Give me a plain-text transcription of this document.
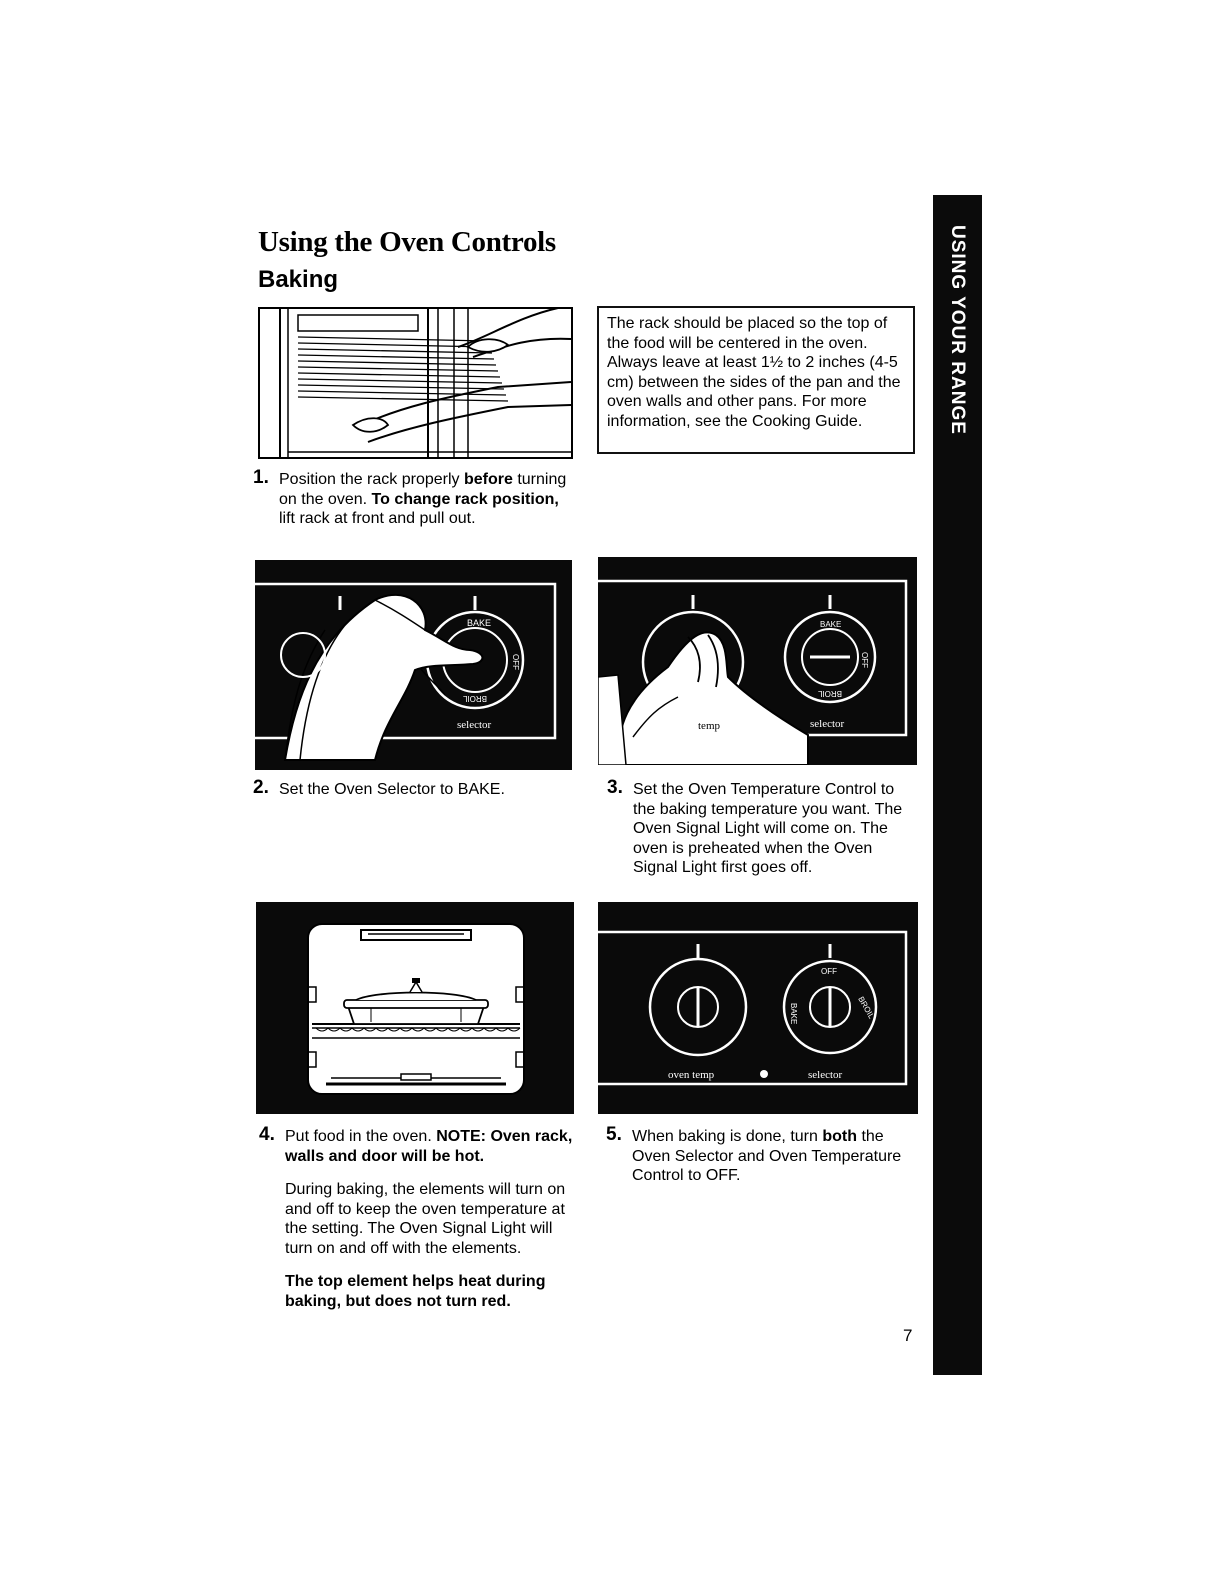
Using the Oven Controls
Baking	USING YOUR RANGE
The rack should be placed so the top of the food will be centered in the oven. Always leave at least 1½ to 2 inches (4-5 cm) between the sides of the pan and the oven walls and other pans. For more information, see the Cooking Guide.
1. Position the rack properly before turning on the oven. To change rack position, lift rack at front and pull out.
BAKE
OFF
BROIL
selector
2. Set the Oven Selector to BAKE.
BAKE
OFF
BROIL
temp	selector
3. Set the Oven Temperature Control to the baking temperature you want. The Oven Signal Light will come on. The oven is preheated when the Oven Signal Light first goes off.
4. Put food in the oven. NOTE: Oven rack, walls and door will be hot.

During baking, the elements will turn on and off to keep the oven temperature at the setting. The Oven Signal Light will turn on and off with the elements.

The top element helps heat during baking, but does not turn red.

OFF
BAKE	BROIL
oven temp	selector
5. When baking is done, turn both the Oven Selector and Oven Temperature Control to OFF.
7
